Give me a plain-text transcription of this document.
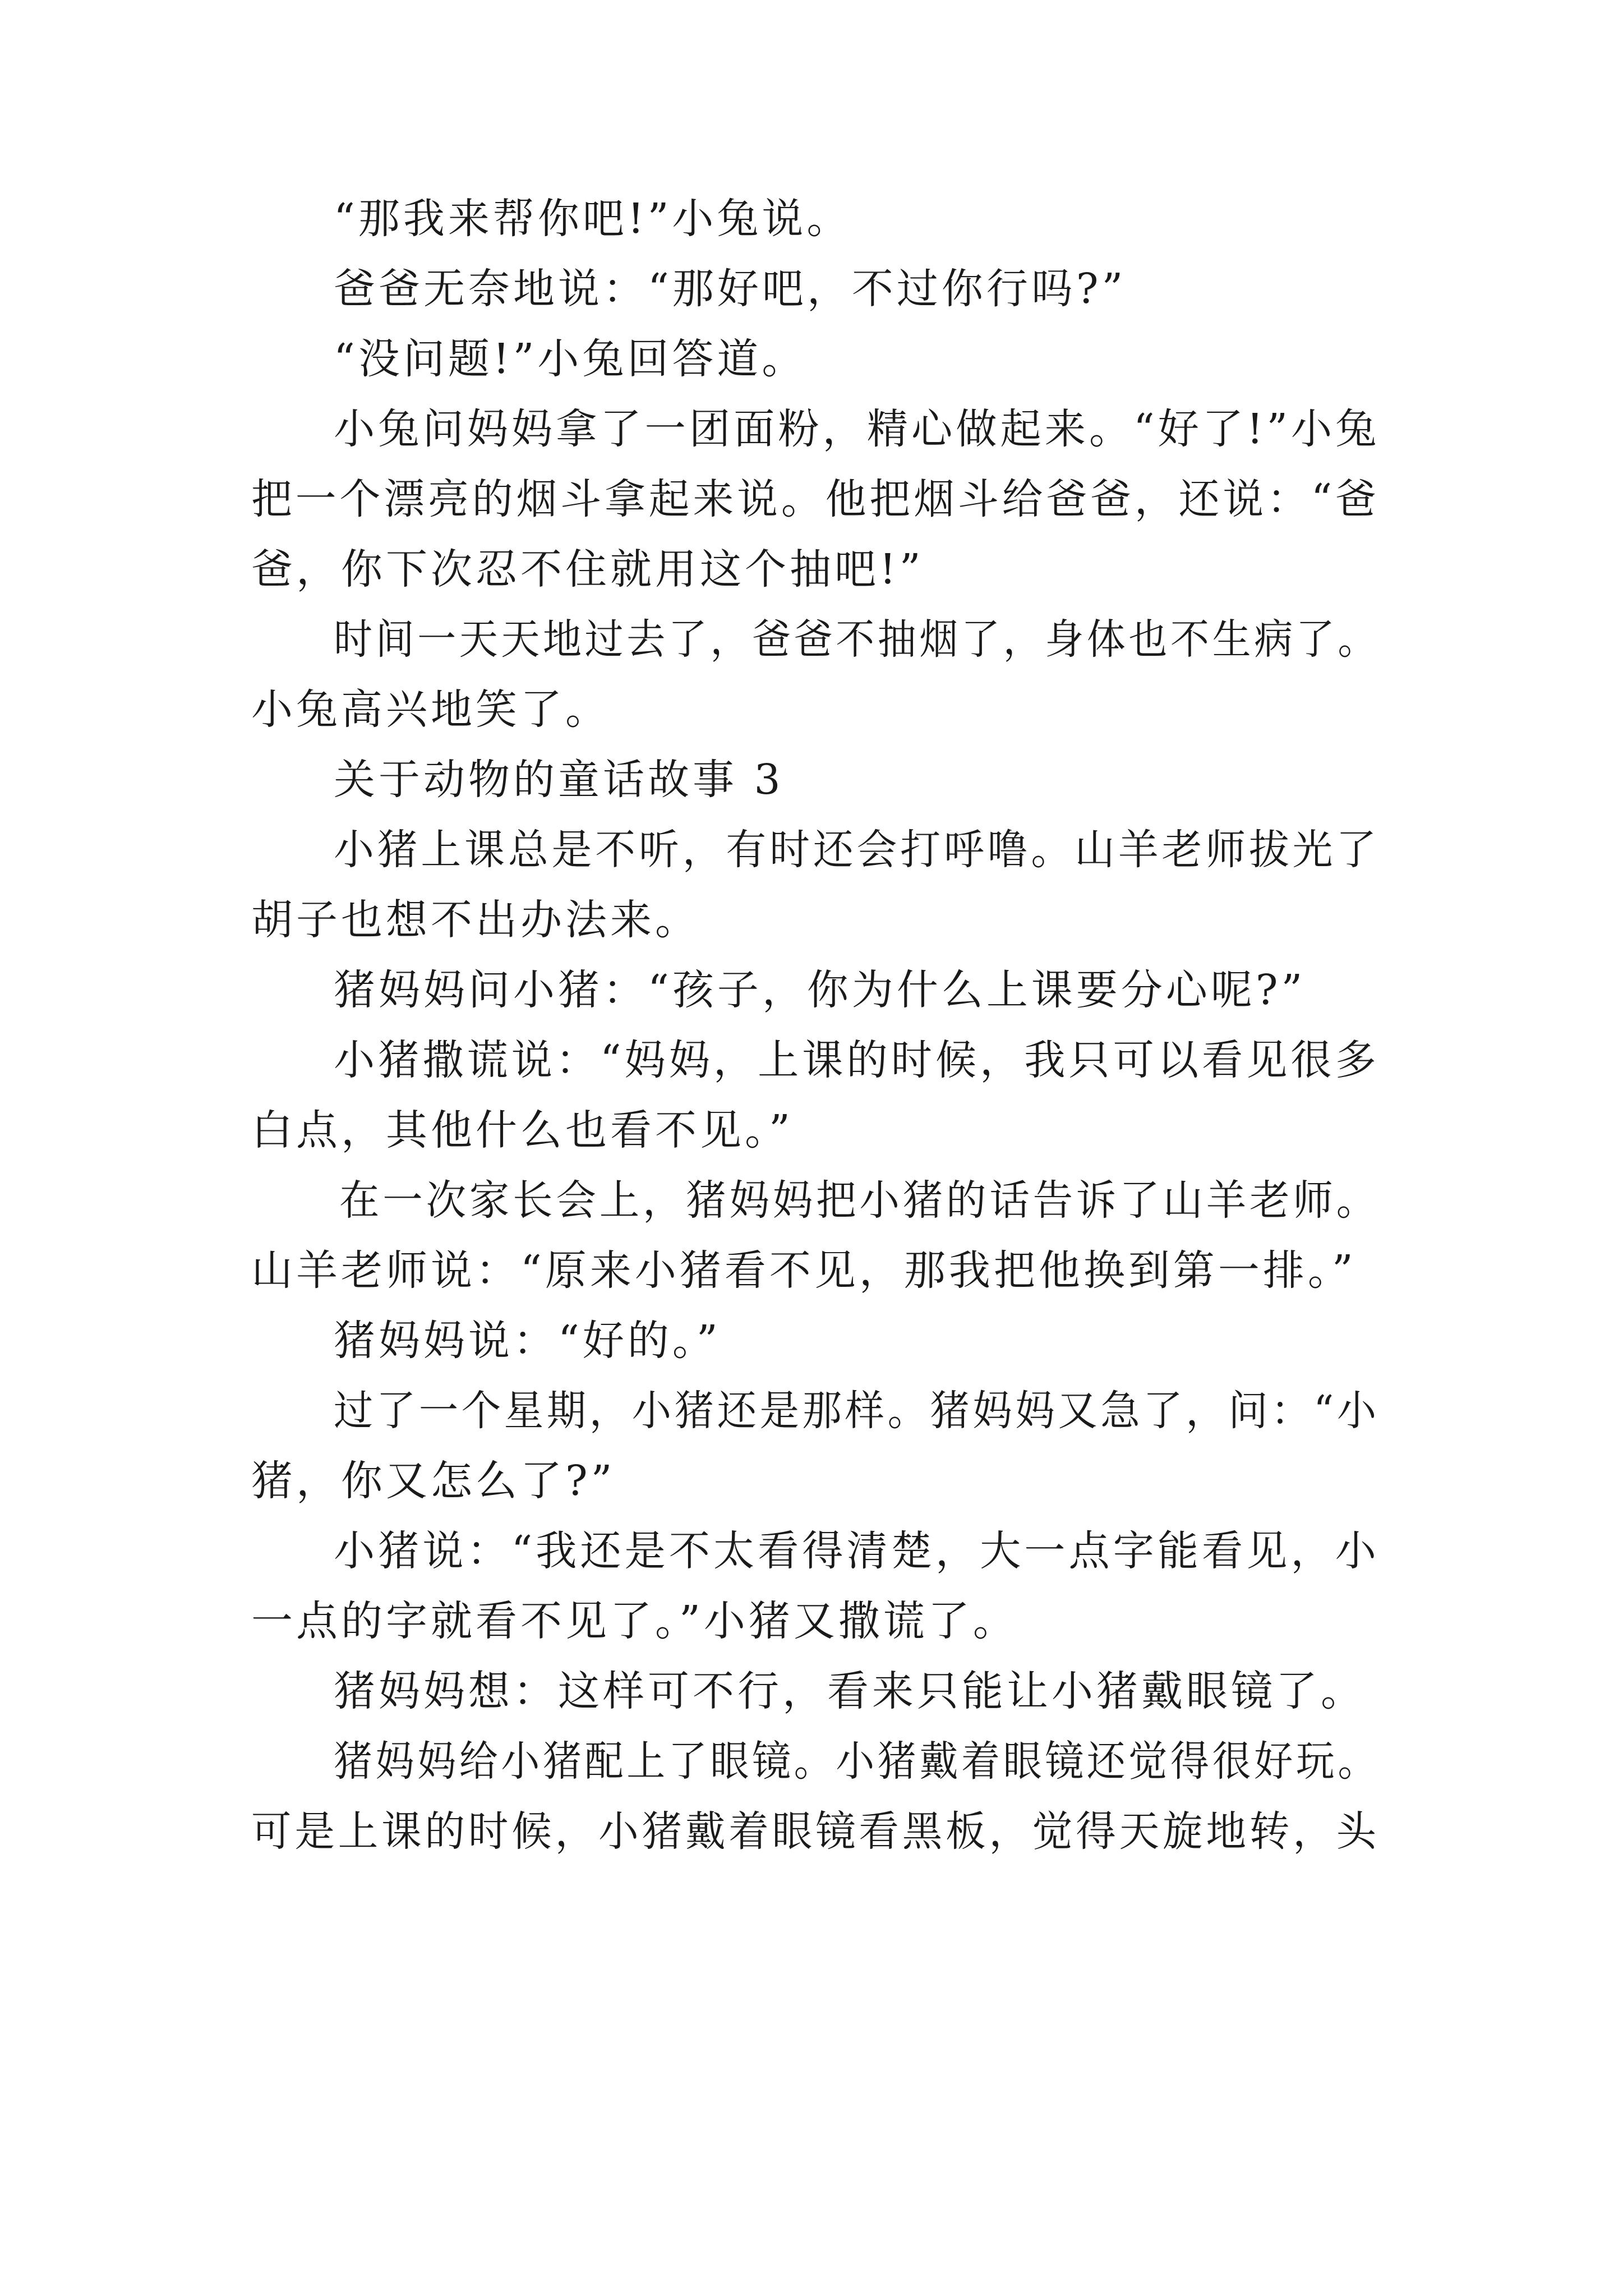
“那我来帮你吧!”小兔说。
爸爸无奈地说：“那好吧，不过你行吗?”
“没问题!”小兔回答道。
小兔问妈妈拿了一团面粉，精心做起来。“好了!”小兔
把一个漂亮的烟斗拿起来说。他把烟斗给爸爸，还说：“爸
爸，你下次忍不住就用这个抽吧!”
时间一天天地过去了，爸爸不抽烟了，身体也不生病了。
小兔高兴地笑了。
关于动物的童话故事 3
小猪上课总是不听，有时还会打呼噜。山羊老师拔光了
胡子也想不出办法来。
猪妈妈问小猪：“孩子，你为什么上课要分心呢?”
小猪撒谎说：“妈妈，上课的时候，我只可以看见很多
白点，其他什么也看不见。”
在一次家长会上，猪妈妈把小猪的话告诉了山羊老师。
山羊老师说：“原来小猪看不见，那我把他换到第一排。”
猪妈妈说：“好的。”
过了一个星期，小猪还是那样。猪妈妈又急了，问：“小
猪，你又怎么了?”
小猪说：“我还是不太看得清楚，大一点字能看见，小
一点的字就看不见了。”小猪又撒谎了。
猪妈妈想：这样可不行，看来只能让小猪戴眼镜了。
猪妈妈给小猪配上了眼镜。小猪戴着眼镜还觉得很好玩。
可是上课的时候，小猪戴着眼镜看黑板，觉得天旋地转，头
